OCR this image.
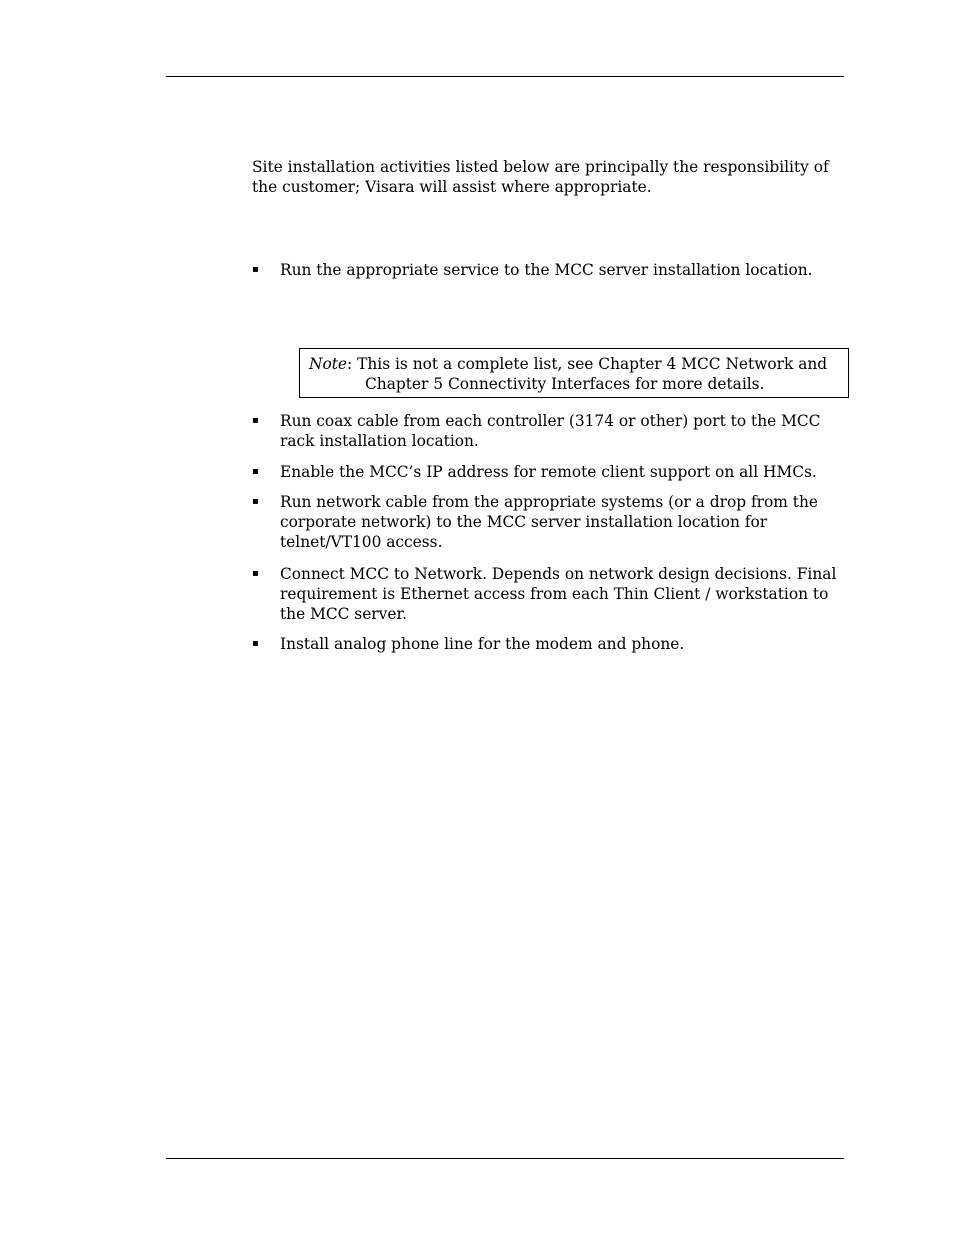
Site installation activities listed below are principally the responsibility of the customer; Visara will assist where appropriate.

▪ Run the appropriate service to the MCC server installation location.
▪ Run coax cable from each controller (3174 or other) port to the MCC rack installation location.
▪ Enable the MCC’s IP address for remote client support on all HMCs.
▪ Run network cable from the appropriate systems (or a drop from the corporate network) to the MCC server installation location for telnet/VT100 access.
▪ Connect MCC to Network. Depends on network design decisions. Final requirement is Ethernet access from each Thin Client / workstation to the MCC server.
▪ Install analog phone line for the modem and phone.
Note: This is not a complete list, see Chapter 4 MCC Network and
Chapter 5 Connectivity Interfaces for more details.
